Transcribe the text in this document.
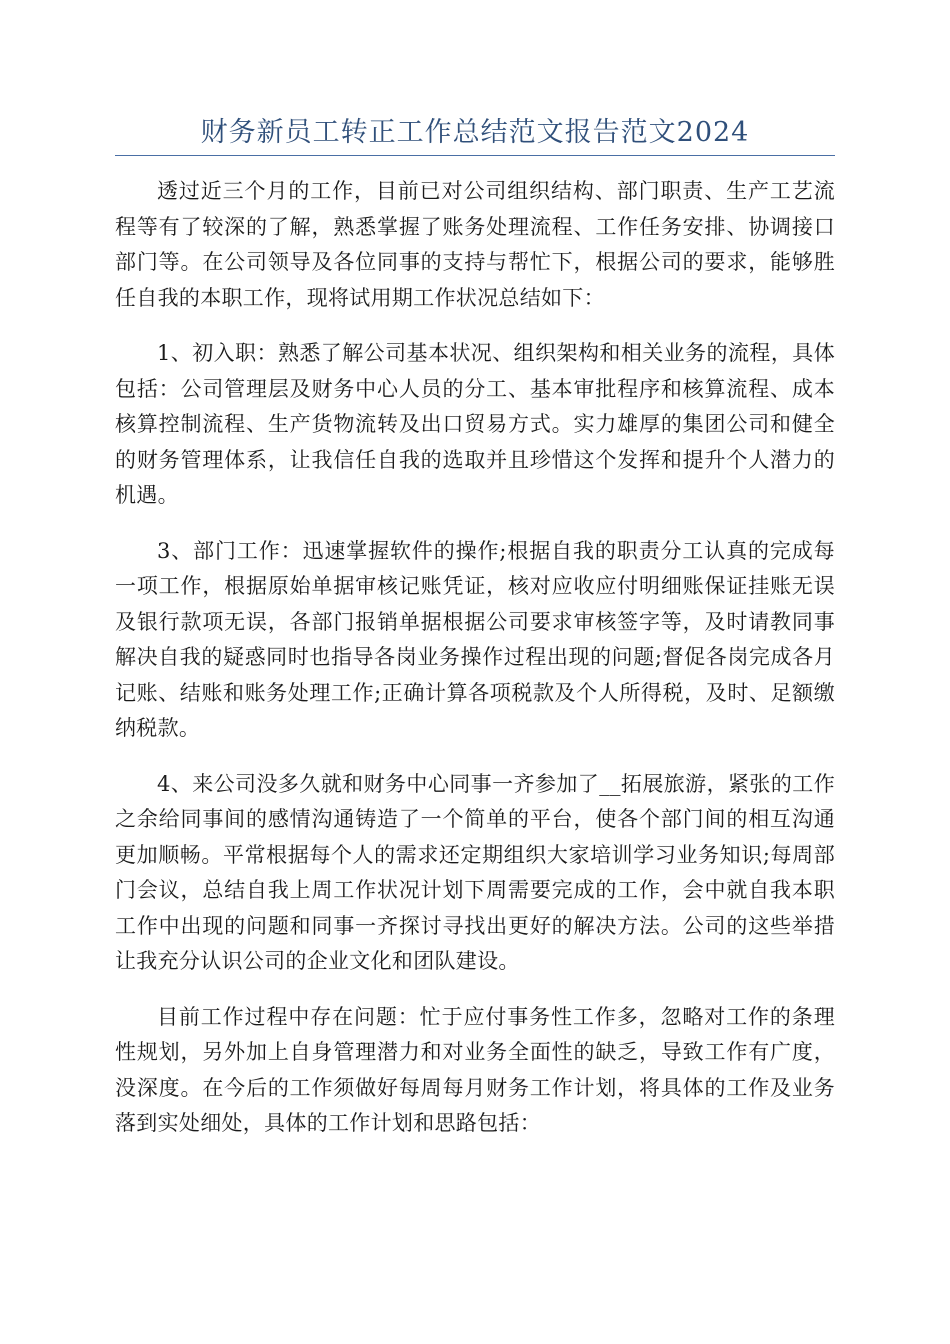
财务新员工转正工作总结范文报告范文2024

透过近三个月的工作，目前已对公司组织结构、部门职责、生产工艺流程等有了较深的了解，熟悉掌握了账务处理流程、工作任务安排、协调接口部门等。在公司领导及各位同事的支持与帮忙下，根据公司的要求，能够胜任自我的本职工作，现将试用期工作状况总结如下：

1、初入职：熟悉了解公司基本状况、组织架构和相关业务的流程，具体包括：公司管理层及财务中心人员的分工、基本审批程序和核算流程、成本核算控制流程、生产货物流转及出口贸易方式。实力雄厚的集团公司和健全的财务管理体系，让我信任自我的选取并且珍惜这个发挥和提升个人潜力的机遇。

3、部门工作：迅速掌握软件的操作;根据自我的职责分工认真的完成每一项工作，根据原始单据审核记账凭证，核对应收应付明细账保证挂账无误及银行款项无误，各部门报销单据根据公司要求审核签字等，及时请教同事解决自我的疑惑同时也指导各岗业务操作过程出现的问题;督促各岗完成各月记账、结账和账务处理工作;正确计算各项税款及个人所得税，及时、足额缴纳税款。

4、来公司没多久就和财务中心同事一齐参加了__拓展旅游，紧张的工作之余给同事间的感情沟通铸造了一个简单的平台，使各个部门间的相互沟通更加顺畅。平常根据每个人的需求还定期组织大家培训学习业务知识;每周部门会议，总结自我上周工作状况计划下周需要完成的工作，会中就自我本职工作中出现的问题和同事一齐探讨寻找出更好的解决方法。公司的这些举措让我充分认识公司的企业文化和团队建设。

目前工作过程中存在问题：忙于应付事务性工作多，忽略对工作的条理性规划，另外加上自身管理潜力和对业务全面性的缺乏，导致工作有广度，没深度。在今后的工作须做好每周每月财务工作计划，将具体的工作及业务落到实处细处，具体的工作计划和思路包括：
